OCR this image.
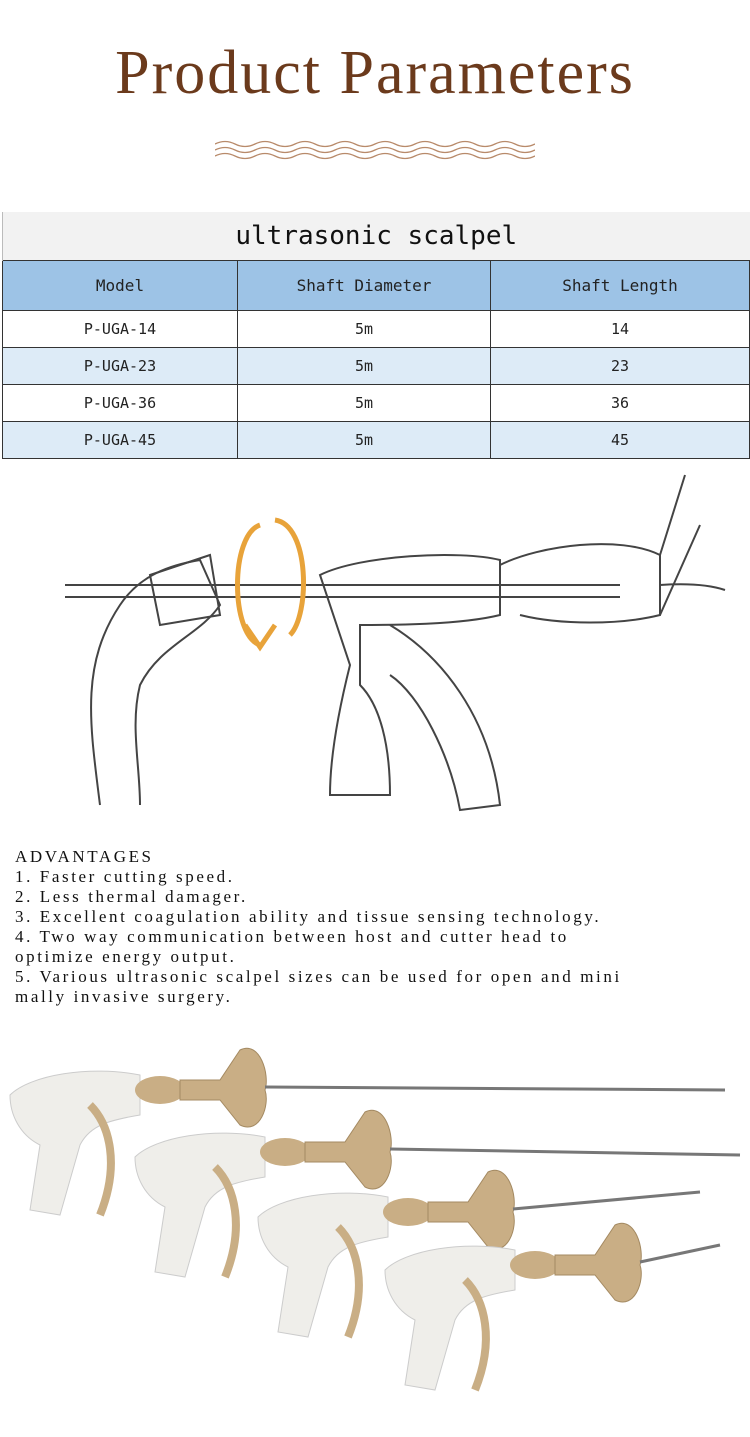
Product Parameters
ultrasonic scalpel		
Model	Shaft Diameter	Shaft Length
P-UGA-14	5m	14
P-UGA-23	5m	23
P-UGA-36	5m	36
P-UGA-45	5m	45
ADVANTAGES
1. Faster cutting speed.
2. Less thermal damager.
3. Excellent coagulation ability and tissue sensing technology.
4. Two way communication between host and cutter head to
optimize energy output.
5. Various ultrasonic scalpel sizes can be used for open and mini
mally invasive surgery.
